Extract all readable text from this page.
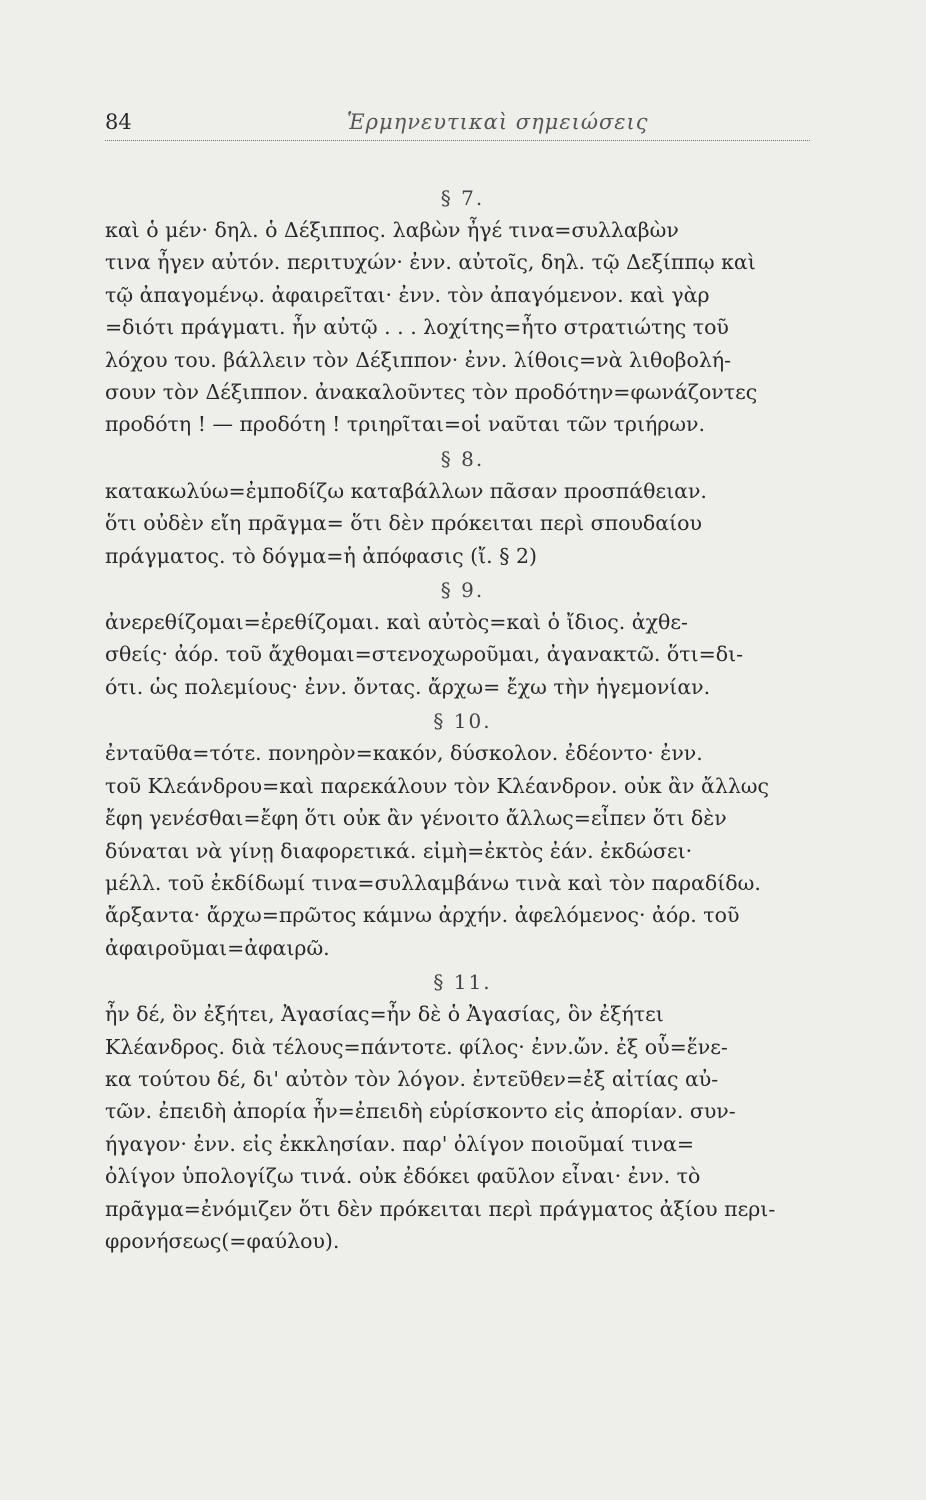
84	Ἑρμηνευτικαὶ σημειώσεις
§ 7.

καὶ ὁ μέν· δηλ. ὁ Δέξιππος. λαβὼν ἦγέ τινα=συλλαβὼν
τινα ἦγεν αὐτόν. περιτυχών· ἐνν. αὐτοῖς, δηλ. τῷ Δεξίππῳ καὶ
τῷ ἀπαγομένῳ. ἀφαιρεῖται· ἐνν. τὸν ἀπαγόμενον. καὶ γὰρ
=διότι πράγματι. ἦν αὐτῷ . . . λοχίτης=ἦτο στρατιώτης τοῦ
λόχου του. βάλλειν τὸν Δέξιππον· ἐνν. λίθοις=νὰ λιθοβολή-
σουν τὸν Δέξιππον. ἀνακαλοῦντες τὸν προδότην=φωνάζοντες
προδότη ! — προδότη ! τριηρῖται=οἱ ναῦται τῶν τριήρων.

§ 8.

κατακωλύω=ἐμποδίζω καταβάλλων πᾶσαν προσπάθειαν.
ὅτι οὐδὲν εἴη πρᾶγμα= ὅτι δὲν πρόκειται περὶ σπουδαίου
πράγματος. τὸ δόγμα=ἡ ἀπόφασις (ἴ. § 2)

§ 9.

ἀνερεθίζομαι=ἐρεθίζομαι. καὶ αὐτὸς=καὶ ὁ ἴδιος. ἀχθε-
σθείς· ἀόρ. τοῦ ἄχθομαι=στενοχωροῦμαι, ἀγανακτῶ. ὅτι=δι-
ότι. ὡς πολεμίους· ἐνν. ὄντας. ἄρχω= ἔχω τὴν ἡγεμονίαν.

§ 10.

ἐνταῦθα=τότε. πονηρὸν=κακόν, δύσκολον. ἐδέοντο· ἐνν.
τοῦ Κλεάνδρου=καὶ παρεκάλουν τὸν Κλέανδρον. οὐκ ἂν ἄλλως
ἔφη γενέσθαι=ἔφη ὅτι οὐκ ἂν γένοιτο ἄλλως=εἶπεν ὅτι δὲν
δύναται νὰ γίνῃ διαφορετικά. εἰμὴ=ἐκτὸς ἐάν. ἐκδώσει·
μέλλ. τοῦ ἐκδίδωμί τινα=συλλαμβάνω τινὰ καὶ τὸν παραδίδω.
ἄρξαντα· ἄρχω=πρῶτος κάμνω ἀρχήν. ἀφελόμενος· ἀόρ. τοῦ
ἀφαιροῦμαι=ἀφαιρῶ.

§ 11.

ἦν δέ, ὃν ἐξήτει, Ἀγασίας=ἦν δὲ ὁ Ἀγασίας, ὃν ἐξήτει
Κλέανδρος. διὰ τέλους=πάντοτε. φίλος· ἐνν.ὤν. ἐξ οὗ=ἕνε-
κα τούτου δέ, δι' αὐτὸν τὸν λόγον. ἐντεῦθεν=ἐξ αἰτίας αὐ-
τῶν. ἐπειδὴ ἀπορία ἦν=ἐπειδὴ εὑρίσκοντο εἰς ἀπορίαν. συν-
ήγαγον· ἐνν. εἰς ἐκκλησίαν. παρ' ὀλίγον ποιοῦμαί τινα=
ὀλίγον ὑπολογίζω τινά. οὐκ ἐδόκει φαῦλον εἶναι· ἐνν. τὸ
πρᾶγμα=ἐνόμιζεν ὅτι δὲν πρόκειται περὶ πράγματος ἀξίου περι-
φρονήσεως(=φαύλου).
